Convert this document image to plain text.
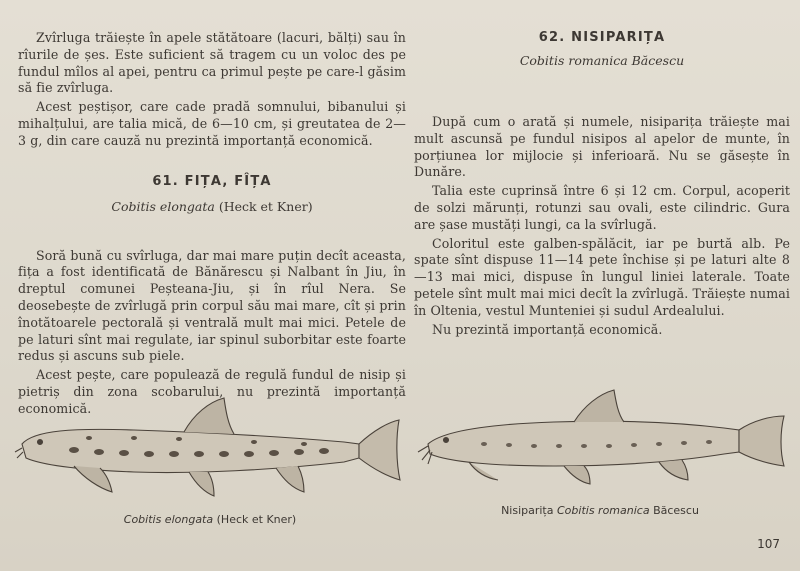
Zvîrluga trăiește în apele stătătoare (lacuri, bălți) sau în rîurile de șes. Este suficient să tragem cu un voloc des pe fundul mîlos al apei, pentru ca primul pește pe care-l găsim să fie zvîrluga.

Acest peștișor, care cade pradă somnului, bibanului și mihalțului, are talia mică, de 6—10 cm, și greutatea de 2—3 g, din care cauză nu prezintă importanță economică.

61. FIȚA, FÎȚA
Cobitis elongata (Heck et Kner)

Soră bună cu svîrluga, dar mai mare puțin decît aceasta, fița a fost identificată de Bănărescu și Nalbant în Jiu, în dreptul comunei Peșteana-Jiu, și în rîul Nera. Se deosebește de zvîrlugă prin corpul său mai mare, cît și prin înotătoarele pectorală și ventrală mult mai mici. Petele de pe laturi sînt mai regulate, iar spinul suborbitar este foarte redus și ascuns sub piele.

Acest pește, care populează de regulă fundul de nisip și pietriș din zona scobarului, nu prezintă importanță economică.

62. NISIPARIȚA
Cobitis romanica Băcescu

După cum o arată și numele, nisiparița trăiește mai mult ascunsă pe fundul nisipos al apelor de munte, în porțiunea lor mijlocie și inferioară. Nu se găsește în Dunăre.

Talia este cuprinsă între 6 și 12 cm. Corpul, acoperit de solzi mărunți, rotunzi sau ovali, este cilindric. Gura are șase mustăți lungi, ca la svîrlugă.

Coloritul este galben-spălăcit, iar pe burtă alb. Pe spate sînt dispuse 11—14 pete închise și pe laturi alte 8—13 mai mici, dispuse în lungul liniei laterale. Toate petele sînt mult mai mici decît la zvîrlugă. Trăiește numai în Oltenia, vestul Munteniei și sudul Ardealului.

Nu prezintă importanță economică.

Cobitis elongata (Heck et Kner)
Nisiparița Cobitis romanica Băcescu
107
